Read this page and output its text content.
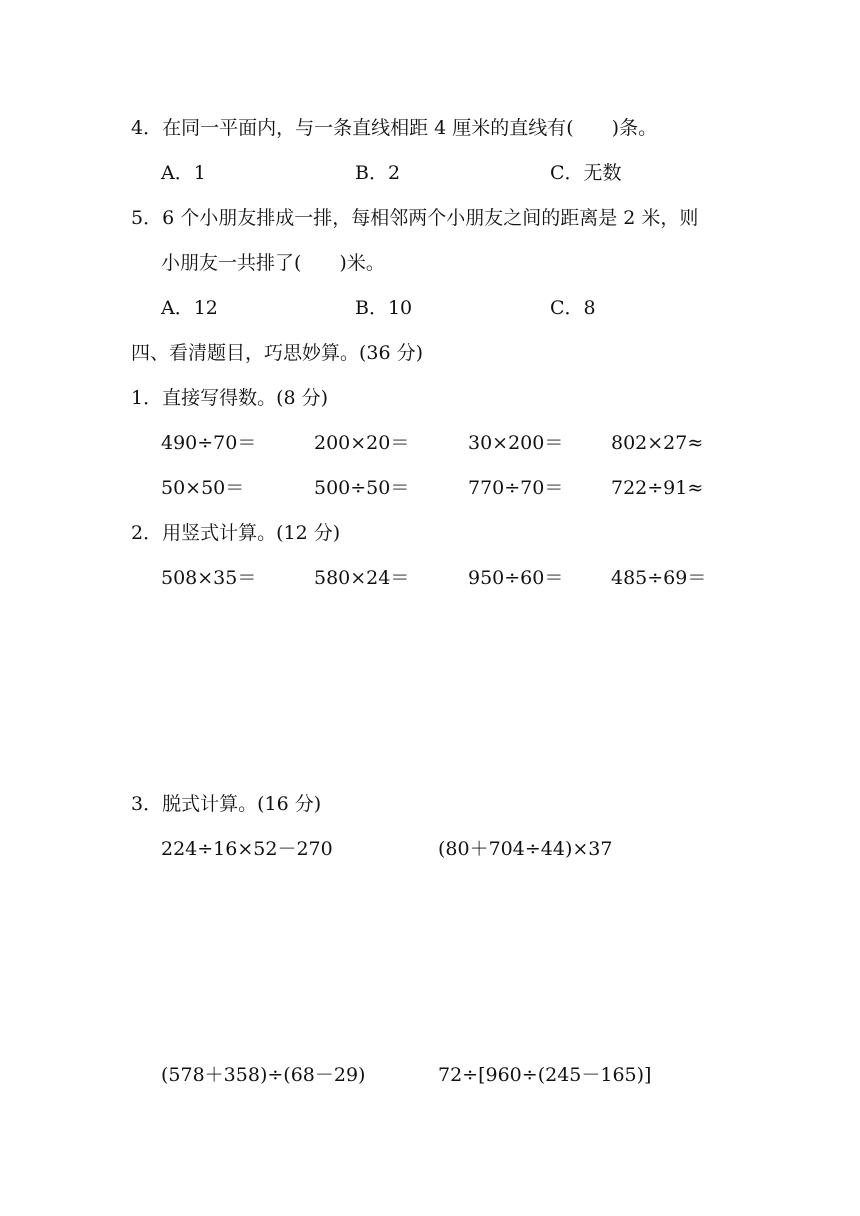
4．在同一平面内，与一条直线相距 4 厘米的直线有(　　)条。
A．1	B．2	C．无数
5．6 个小朋友排成一排，每相邻两个小朋友之间的距离是 2 米，则
小朋友一共排了(　　)米。
A．12	B．10	C．8
四、看清题目，巧思妙算。(36 分)
1．直接写得数。(8 分)
490÷70＝	200×20＝	30×200＝	802×27≈
50×50＝	500÷50＝	770÷70＝	722÷91≈
2．用竖式计算。(12 分)
508×35＝	580×24＝	950÷60＝	485÷69＝
3．脱式计算。(16 分)
224÷16×52－270	(80＋704÷44)×37
(578＋358)÷(68－29)	72÷[960÷(245－165)]
